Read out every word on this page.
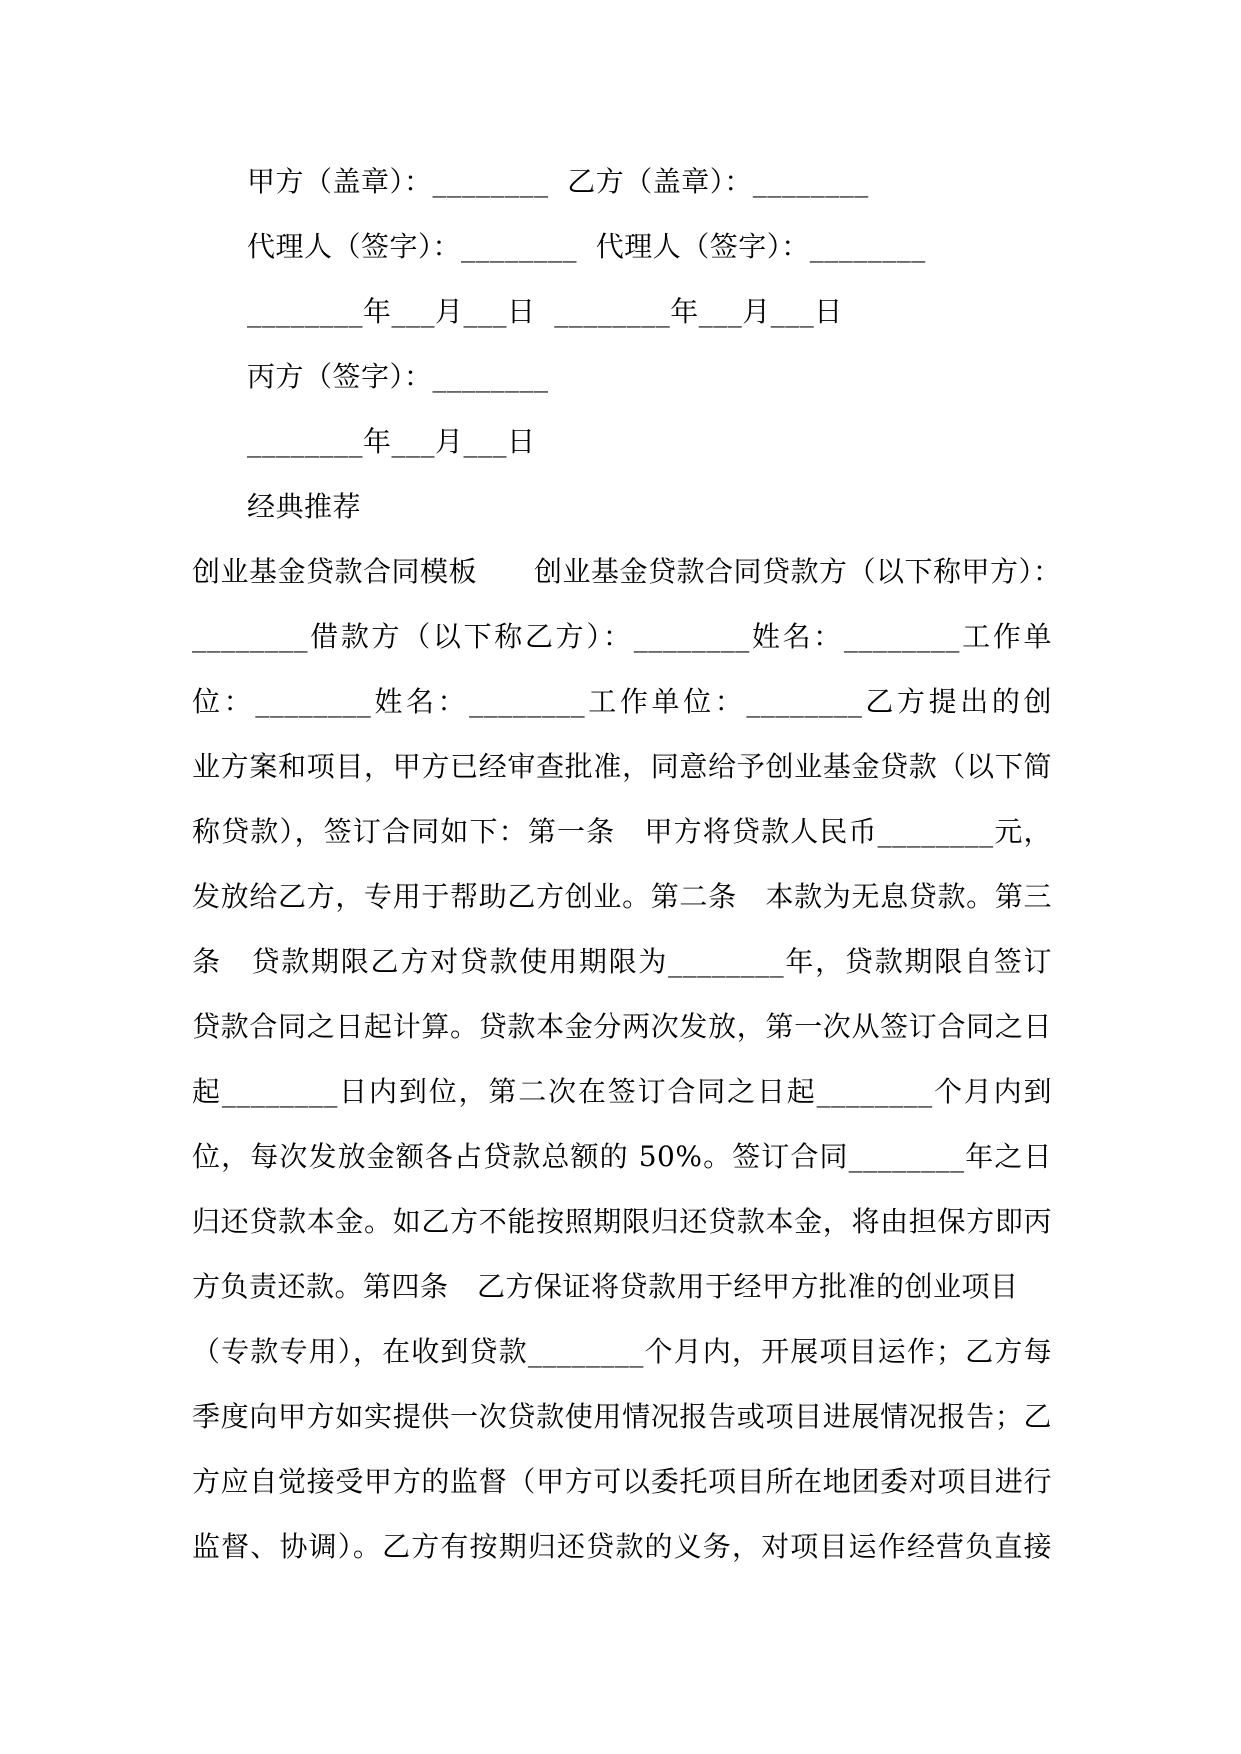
甲方（盖章）：________  乙方（盖章）：________
代理人（签字）：________  代理人（签字）：________
________年___月___日  ________年___月___日
丙方（签字）：________
________年___月___日
经典推荐
创业基金贷款合同模板　　创业基金贷款合同贷款方（以下称甲方）：
________借款方（以下称乙方）：________姓名：________工作单
位：________姓名：________工作单位：________乙方提出的创
业方案和项目，甲方已经审查批准，同意给予创业基金贷款（以下简
称贷款），签订合同如下：第一条　甲方将贷款人民币________元，
发放给乙方，专用于帮助乙方创业。第二条　本款为无息贷款。第三
条　贷款期限乙方对贷款使用期限为________年，贷款期限自签订
贷款合同之日起计算。贷款本金分两次发放，第一次从签订合同之日
起________日内到位，第二次在签订合同之日起________个月内到
位，每次发放金额各占贷款总额的 50%。签订合同________年之日
归还贷款本金。如乙方不能按照期限归还贷款本金，将由担保方即丙
方负责还款。第四条　乙方保证将贷款用于经甲方批准的创业项目
（专款专用），在收到贷款________个月内，开展项目运作；乙方每
季度向甲方如实提供一次贷款使用情况报告或项目进展情况报告；乙
方应自觉接受甲方的监督（甲方可以委托项目所在地团委对项目进行
监督、协调）。乙方有按期归还贷款的义务，对项目运作经营负直接
